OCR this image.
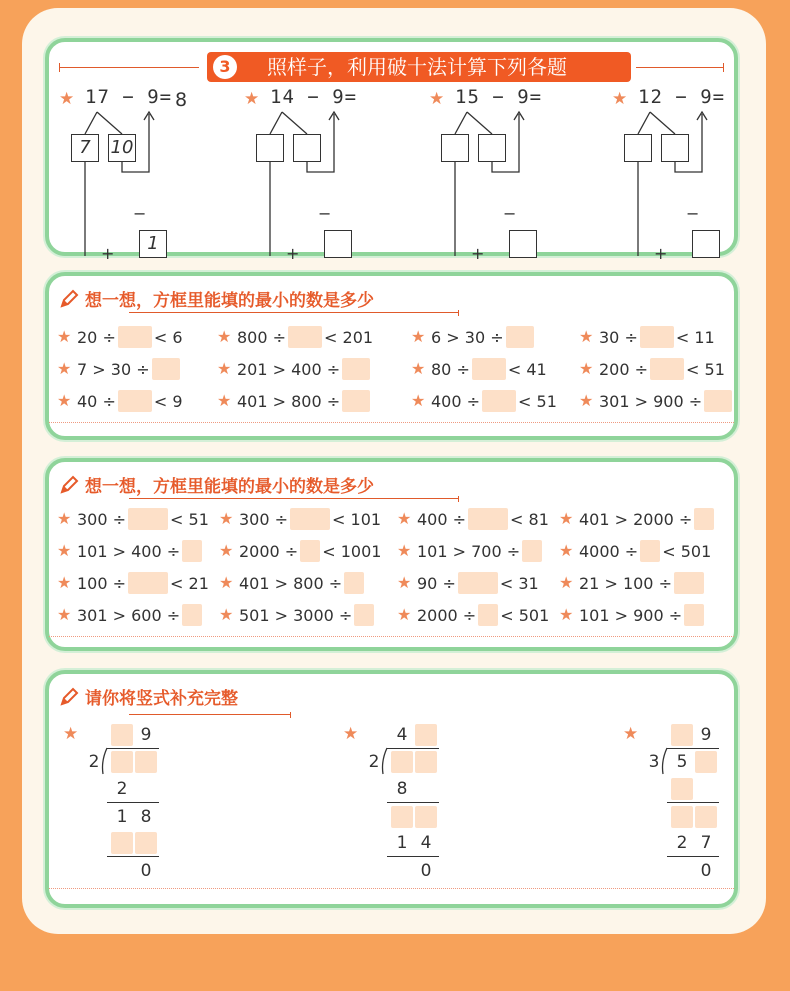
3	照样子，利用破十法计算下列各题
★ 17 − 9= 8
7	10
1
−
+
★ 14 − 9=
−
+
★ 15 − 9=
−
+
★ 12 − 9=
−
+
想一想，方框里能填的最小的数是多少
★ 20 ÷ < 6 ★ 800 ÷ < 201 ★ 6 > 30 ÷	★ 30 ÷ < 11
★ 7 > 30 ÷	★ 201 > 400 ÷	★ 80 ÷ < 41 ★ 200 ÷ < 51
★ 40 ÷ < 9 ★ 401 > 800 ÷	★ 400 ÷ < 51 ★ 301 > 900 ÷
想一想，方框里能填的最小的数是多少
★ 300 ÷	< 51 ★ 300 ÷	< 101 ★ 400 ÷	< 81 ★ 401 > 2000 ÷
★ 101 > 400 ÷	★ 2000 ÷ < 1001 ★ 101 > 700 ÷	★ 4000 ÷ < 501
★ 100 ÷	< 21 ★ 401 > 800 ÷	★ 90 ÷	< 31 ★ 21 > 100 ÷
★ 301 > 600 ÷	★ 501 > 3000 ÷	★ 2000 ÷ < 501 ★ 101 > 900 ÷
请你将竖式补充完整
★	9
2
2
1 8
0
★	4
2
8
1 4
0
★	9
3	5
2 7
0
